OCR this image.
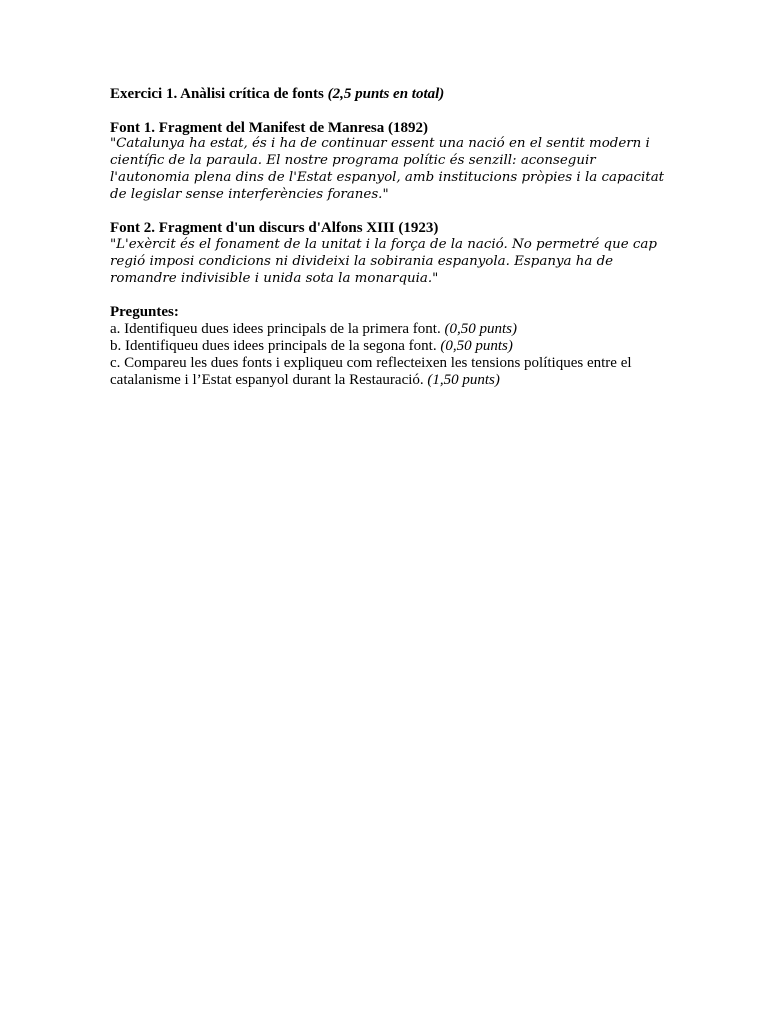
Exercici 1. Anàlisi crítica de fonts (2,5 punts en total)

Font 1. Fragment del Manifest de Manresa (1892)

"Catalunya ha estat, és i ha de continuar essent una nació en el sentit modern i científic de la paraula. El nostre programa polític és senzill: aconseguir l'autonomia plena dins de l'Estat espanyol, amb institucions pròpies i la capacitat de legislar sense interferències foranes."

Font 2. Fragment d'un discurs d'Alfons XIII (1923)

"L'exèrcit és el fonament de la unitat i la força de la nació. No permetré que cap regió imposi condicions ni divideixi la sobirania espanyola. Espanya ha de romandre indivisible i unida sota la monarquia."

Preguntes:

a. Identifiqueu dues idees principals de la primera font. (0,50 punts)

b. Identifiqueu dues idees principals de la segona font. (0,50 punts)

c. Compareu les dues fonts i expliqueu com reflecteixen les tensions polítiques entre el catalanisme i l’Estat espanyol durant la Restauració. (1,50 punts)
